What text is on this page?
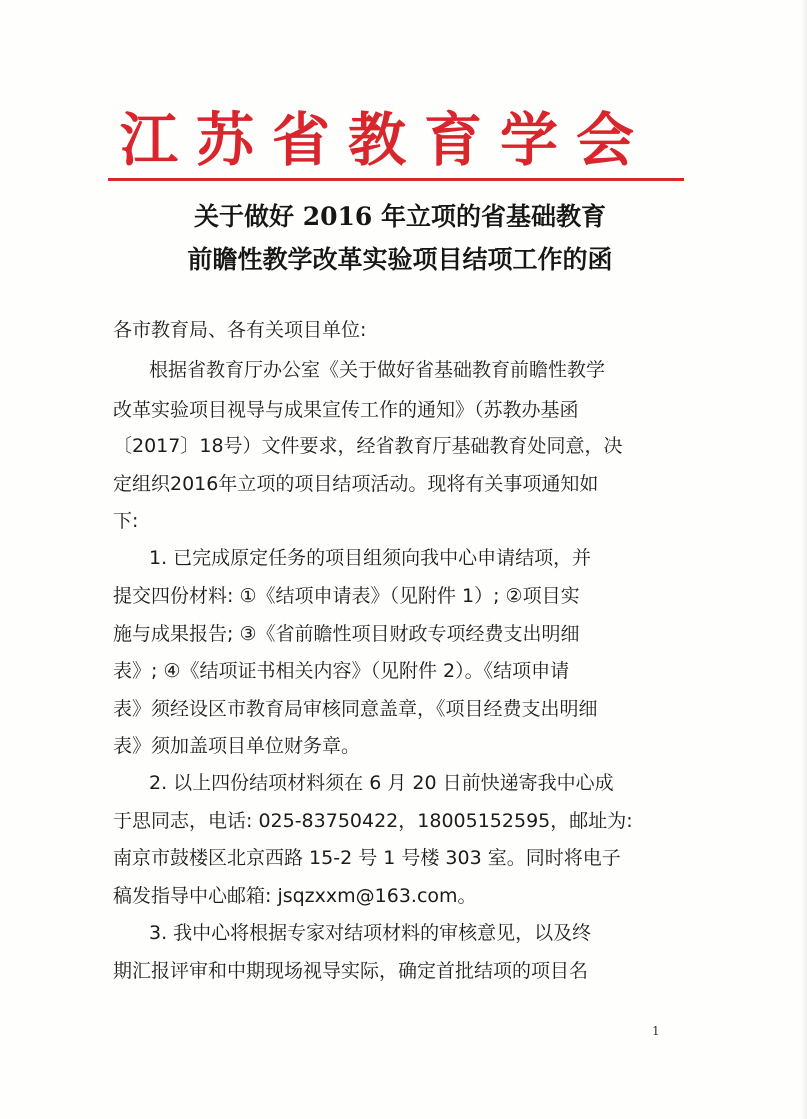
江苏省教育学会
关于做好 2016 年立项的省基础教育
前瞻性教学改革实验项目结项工作的函
各市教育局、各有关项目单位:
根据省教育厅办公室《关于做好省基础教育前瞻性教学
改革实验项目视导与成果宣传工作的通知》（苏教办基函
〔2017〕18号）文件要求，经省教育厅基础教育处同意，决
定组织2016年立项的项目结项活动。现将有关事项通知如
下:
1. 已完成原定任务的项目组须向我中心申请结项，并
提交四份材料: ①《结项申请表》（见附件 1）; ②项目实
施与成果报告; ③《省前瞻性项目财政专项经费支出明细
表》; ④《结项证书相关内容》（见附件 2）。《结项申请
表》须经设区市教育局审核同意盖章，《项目经费支出明细
表》须加盖项目单位财务章。
2. 以上四份结项材料须在 6 月 20 日前快递寄我中心成
于思同志，电话: 025-83750422，18005152595，邮址为:
南京市鼓楼区北京西路 15-2 号 1 号楼 303 室。同时将电子
稿发指导中心邮箱: jsqzxxm@163.com。
3. 我中心将根据专家对结项材料的审核意见，以及终
期汇报评审和中期现场视导实际，确定首批结项的项目名
1
